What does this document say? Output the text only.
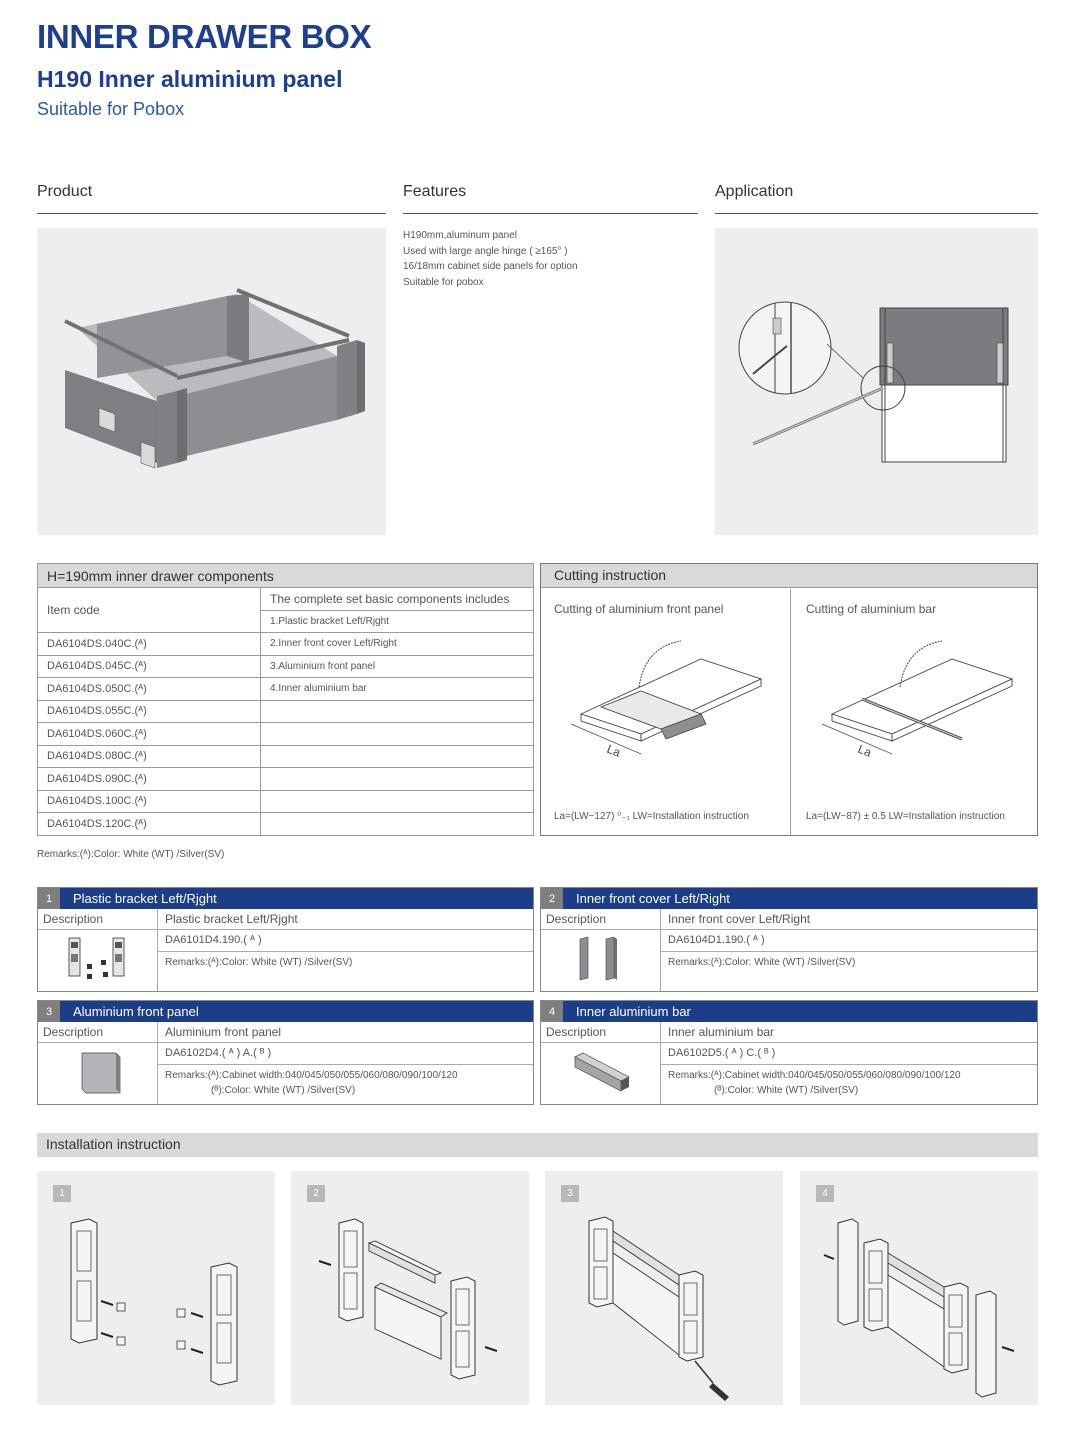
INNER DRAWER BOX
H190 Inner aluminium panel
Suitable for Pobox
Product	Features	Application
H190mm,aluminum panel
Used with large angle hinge ( ≥165° )
16/18mm cabinet side panels for option
Suitable for pobox
H=190mm inner drawer components	
Item code	The complete set basic components includes
	1.Plastic bracket Left/Rjght
DA6104DS.040C.(ᴬ)	2.Inner front cover Left/Right
DA6104DS.045C.(ᴬ)	3.Aluminium front panel
DA6104DS.050C.(ᴬ)	4.Inner aluminium bar
DA6104DS.055C.(ᴬ)	
DA6104DS.060C.(ᴬ)	
DA6104DS.080C.(ᴬ)	
DA6104DS.090C.(ᴬ)	
DA6104DS.100C.(ᴬ)	
DA6104DS.120C.(ᴬ)	
Cutting instruction
Cutting of aluminium front panel
La
La=(LW−127) ⁰₋₁ LW=Installation instruction
Cutting of aluminium bar
La
La=(LW−87) ± 0.5 LW=Installation instruction
Remarks:(ᴬ):Color: White (WT) /Silver(SV)
1	Plastic bracket Left/Rjght
Description	Plastic bracket Left/Rjght
DA6101D4.190.( ᴬ )
Remarks:(ᴬ):Color: White (WT) /Silver(SV)
2	Inner front cover Left/Right
Description	Inner front cover Left/Right
DA6104D1.190.( ᴬ )
Remarks:(ᴬ):Color: White (WT) /Silver(SV)
3	Aluminium front panel
Description	Aluminium front panel
DA6102D4.( ᴬ ) A.( ᴮ )
Remarks:(ᴬ):Cabinet width:040/045/050/055/060/080/090/100/120
(ᴮ):Color: White (WT) /Silver(SV)
4	Inner aluminium bar
Description	Inner aluminium bar
DA6102D5.( ᴬ ) C.( ᴮ )
Remarks:(ᴬ):Cabinet width:040/045/050/055/060/080/090/100/120
(ᴮ):Color: White (WT) /Silver(SV)
Installation instruction
1	2	3	4
